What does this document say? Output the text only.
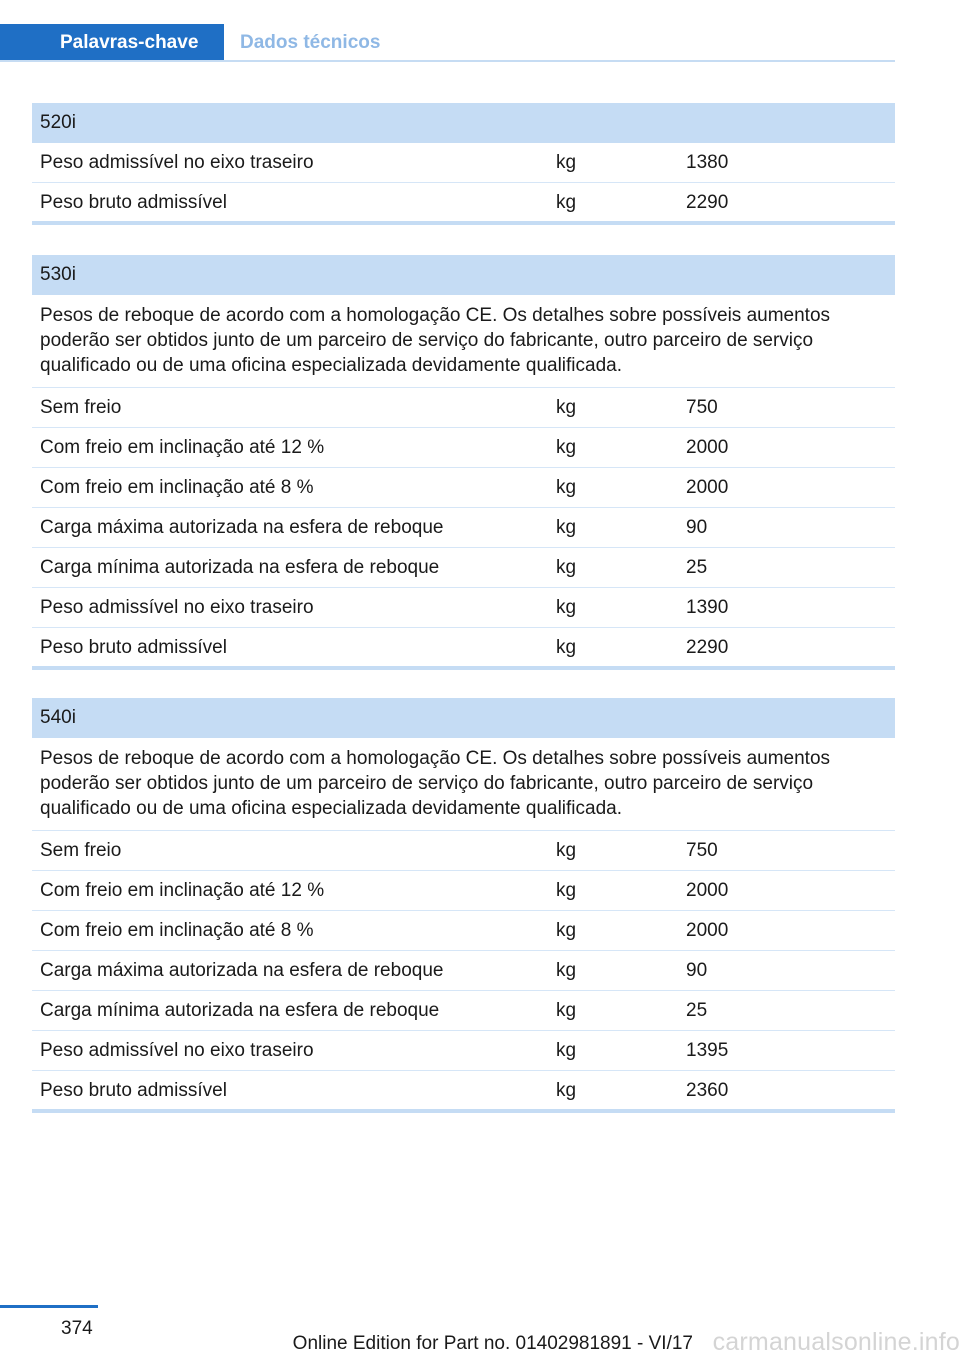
Palavras-chave	Dados técnicos
520i
Peso admissível no eixo traseiro	kg	1380
Peso bruto admissível	kg	2290
530i
Pesos de reboque de acordo com a homologação CE. Os detalhes sobre possíveis aumentos poderão ser obtidos junto de um parceiro de serviço do fabricante, outro parceiro de serviço qualificado ou de uma oficina especializada devidamente qualificada.
Sem freio	kg	750
Com freio em inclinação até 12 %	kg	2000
Com freio em inclinação até 8 %	kg	2000
Carga máxima autorizada na esfera de reboque	kg	90
Carga mínima autorizada na esfera de reboque	kg	25
Peso admissível no eixo traseiro	kg	1390
Peso bruto admissível	kg	2290
540i
Pesos de reboque de acordo com a homologação CE. Os detalhes sobre possíveis aumentos poderão ser obtidos junto de um parceiro de serviço do fabricante, outro parceiro de serviço qualificado ou de uma oficina especializada devidamente qualificada.
Sem freio	kg	750
Com freio em inclinação até 12 %	kg	2000
Com freio em inclinação até 8 %	kg	2000
Carga máxima autorizada na esfera de reboque	kg	90
Carga mínima autorizada na esfera de reboque	kg	25
Peso admissível no eixo traseiro	kg	1395
Peso bruto admissível	kg	2360
374	carmanualsonline.info
Online Edition for Part no. 01402981891 - VI/17
